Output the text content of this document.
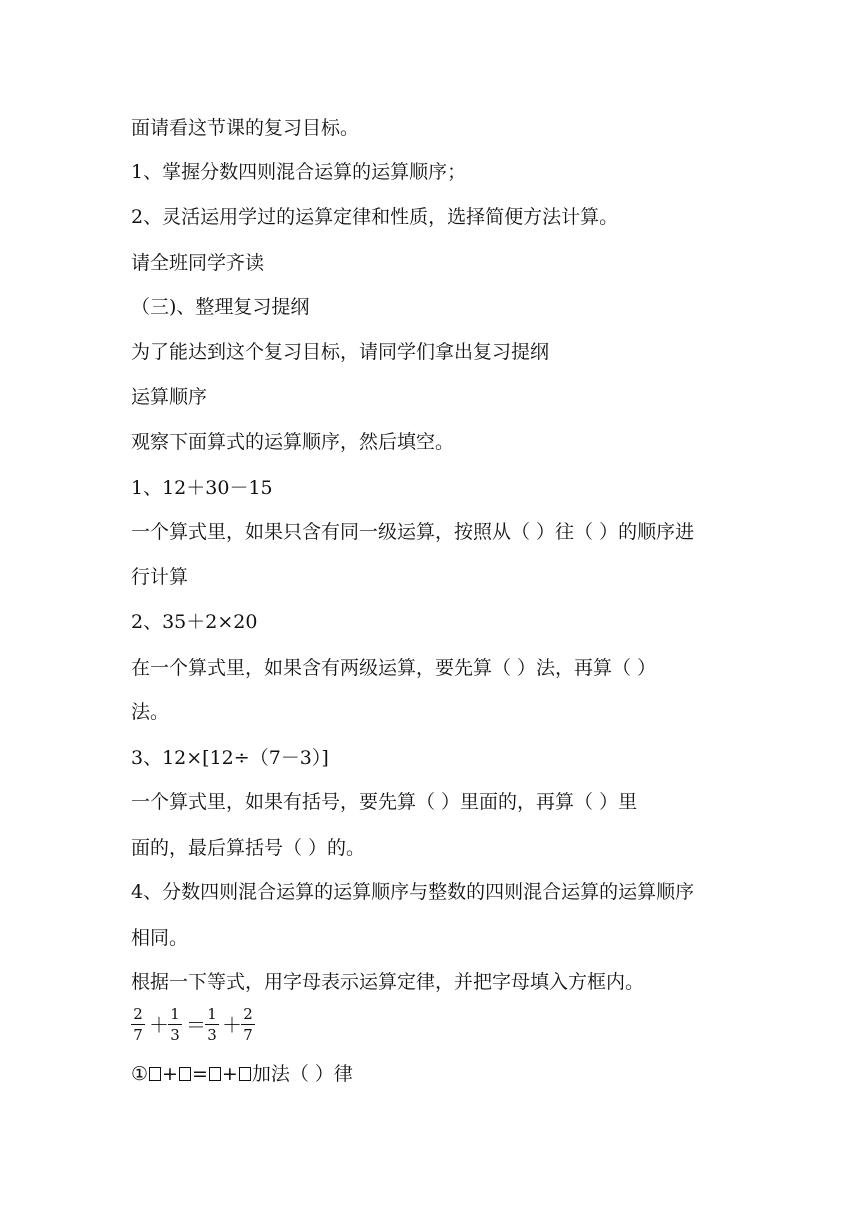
面请看这节课的复习目标。
1、掌握分数四则混合运算的运算顺序；
2、灵活运用学过的运算定律和性质，选择简便方法计算。
请全班同学齐读
（三)、整理复习提纲
为了能达到这个复习目标，请同学们拿出复习提纲
运算顺序
观察下面算式的运算顺序，然后填空。
1、12＋30－15
一个算式里，如果只含有同一级运算，按照从（ ）往（ ）的顺序进
行计算
2、35＋2×20
在一个算式里，如果含有两级运算，要先算（ ）法，再算（ ）
法。
3、12×[12÷（7－3）]
一个算式里，如果有括号，要先算（ ）里面的，再算（ ）里
面的，最后算括号（ ）的。
4、分数四则混合运算的运算顺序与整数的四则混合运算的运算顺序
相同。
根据一下等式，用字母表示运算定律，并把字母填入方框内。
2
7 ＋ 1
3 ＝ 1
3 ＋ 2
7
① + = + 加法（ ）律
